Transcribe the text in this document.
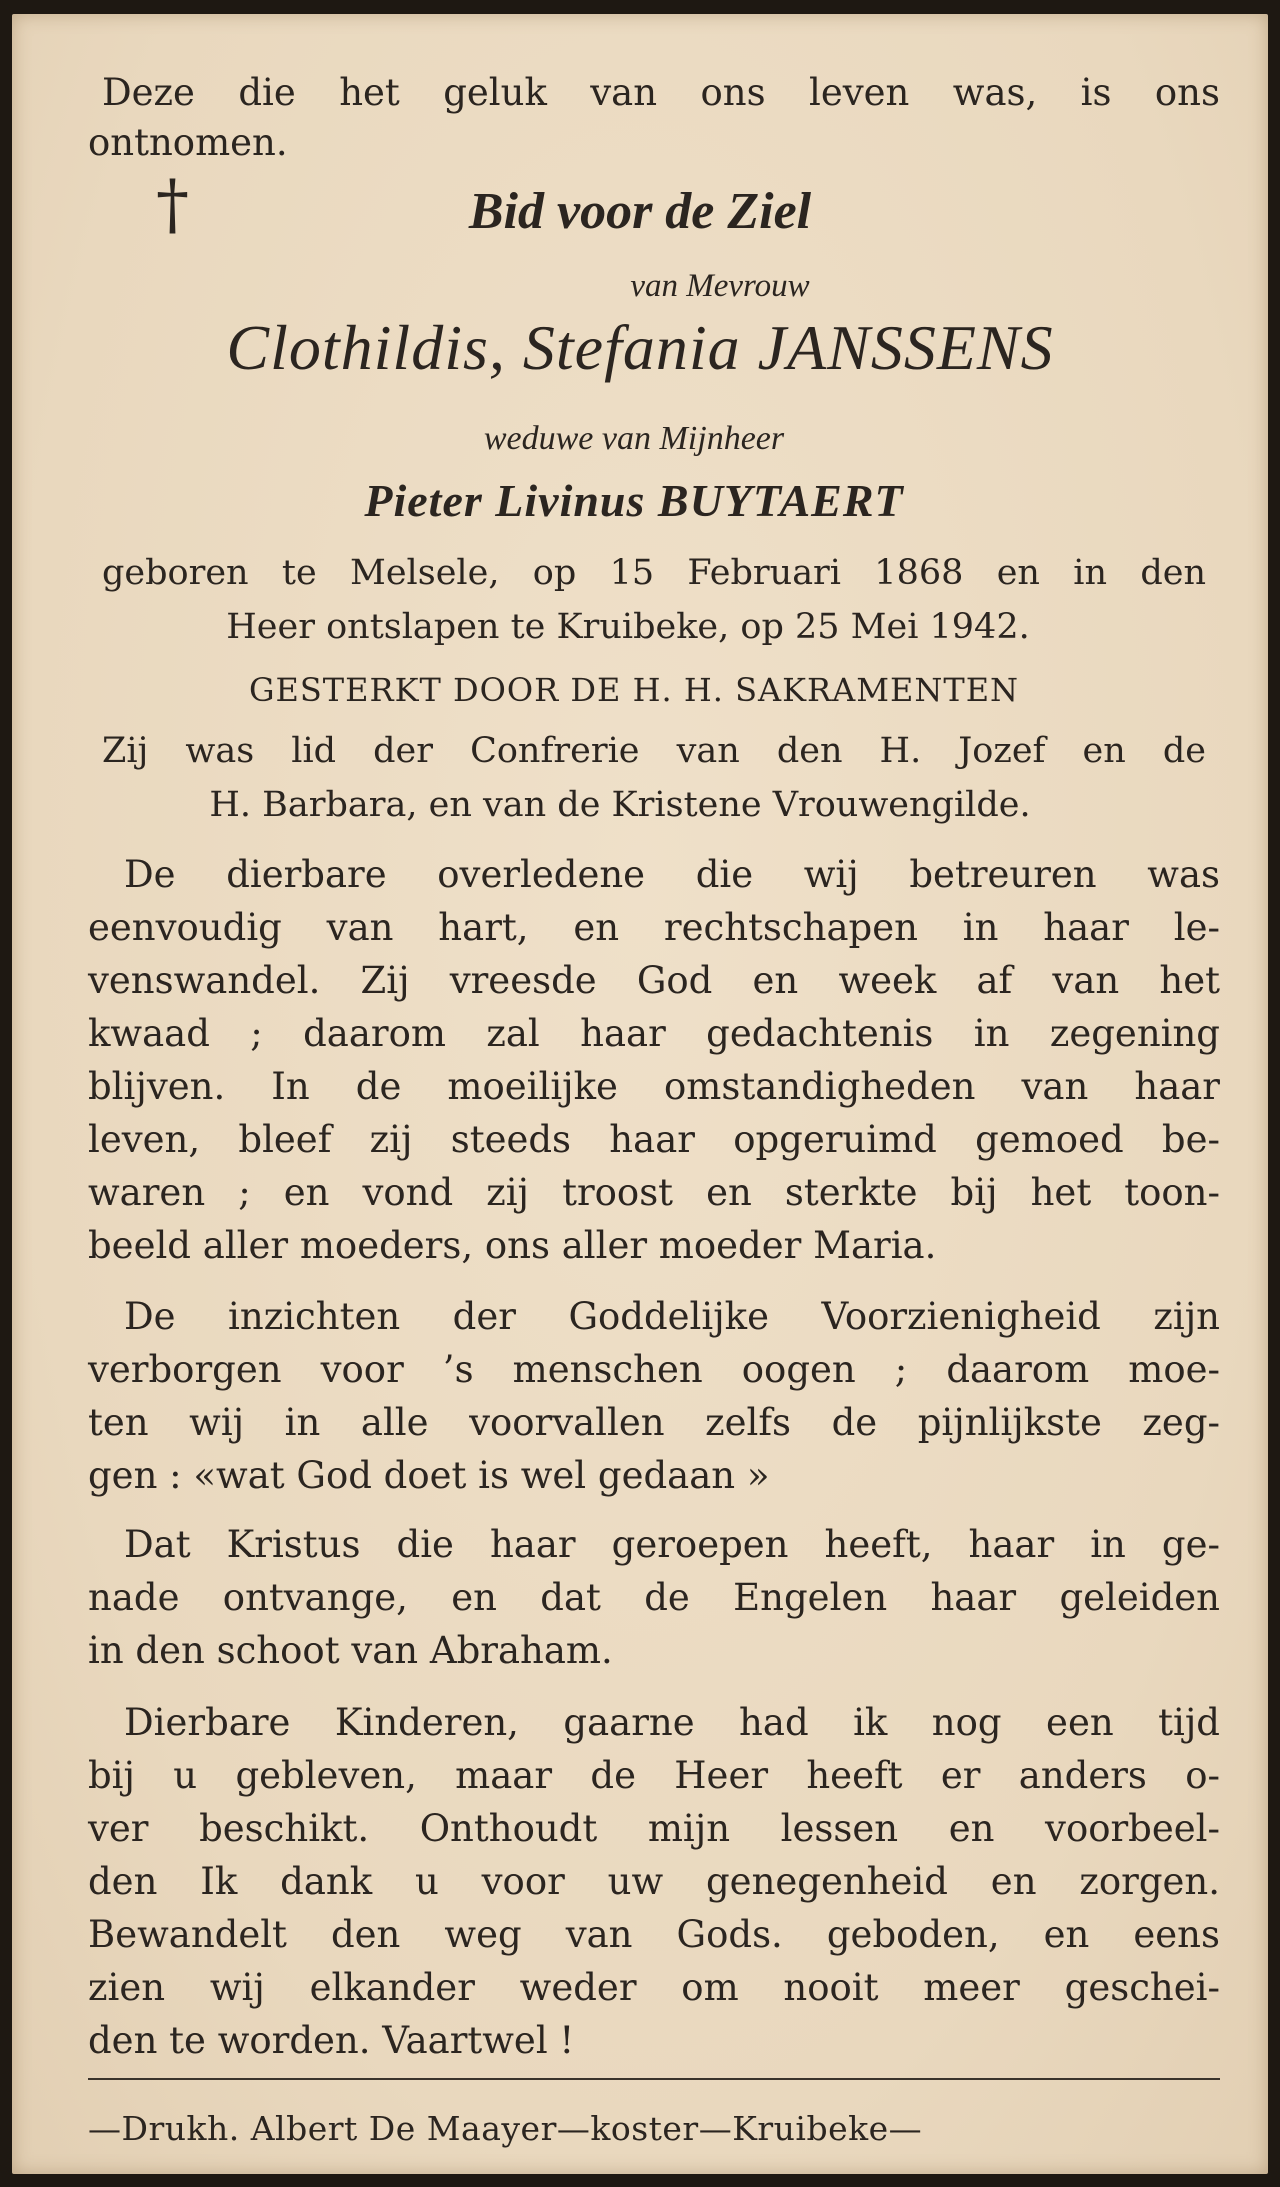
Deze die het geluk van ons leven was, is ons
ontnomen.
†	Bid voor de Ziel
van Mevrouw
Clothildis, Stefania JANSSENS
weduwe van Mijnheer
Pieter Livinus BUYTAERT
geboren te Melsele, op 15 Februari 1868 en in den
Heer ontslapen te Kruibeke, op 25 Mei 1942.
GESTERKT DOOR DE H. H. SAKRAMENTEN
Zij was lid der Confrerie van den H. Jozef en de
H. Barbara, en van de Kristene Vrouwengilde.
De dierbare overledene die wij betreuren was
eenvoudig van hart, en rechtschapen in haar le-
venswandel. Zij vreesde God en week af van het
kwaad ; daarom zal haar gedachtenis in zegening
blijven. In de moeilijke omstandigheden van haar
leven, bleef zij steeds haar opgeruimd gemoed be-
waren ; en vond zij troost en sterkte bij het toon-
beeld aller moeders, ons aller moeder Maria.
De inzichten der Goddelijke Voorzienigheid zijn
verborgen voor ’s menschen oogen ; daarom moe-
ten wij in alle voorvallen zelfs de pijnlijkste zeg-
gen : «wat God doet is wel gedaan »
Dat Kristus die haar geroepen heeft, haar in ge-
nade ontvange, en dat de Engelen haar geleiden
in den schoot van Abraham.
Dierbare Kinderen, gaarne had ik nog een tijd
bij u gebleven, maar de Heer heeft er anders o-
ver beschikt. Onthoudt mijn lessen en voorbeel-
den Ik dank u voor uw genegenheid en zorgen.
Bewandelt den weg van Gods. geboden, en eens
zien wij elkander weder om nooit meer geschei-
den te worden. Vaartwel !
—Drukh. Albert De Maayer—koster—Kruibeke—
